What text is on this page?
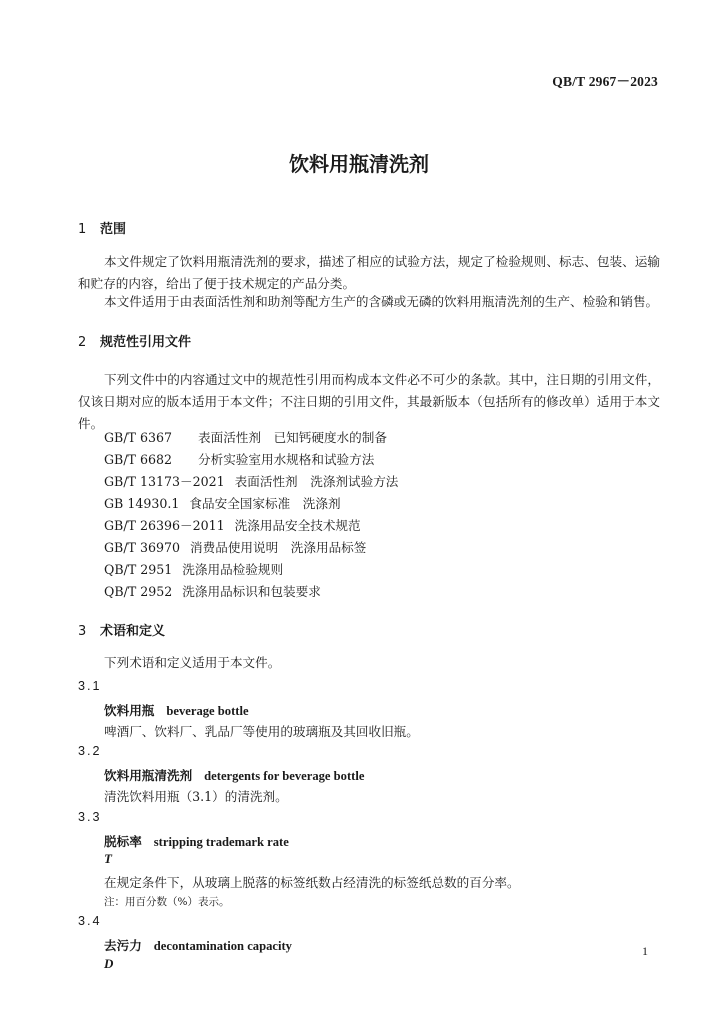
QB/T 2967－2023
饮料用瓶清洗剂
1 范围
本文件规定了饮料用瓶清洗剂的要求，描述了相应的试验方法，规定了检验规则、标志、包装、运输和贮存的内容，给出了便于技术规定的产品分类。
本文件适用于由表面活性剂和助剂等配方生产的含磷或无磷的饮料用瓶清洗剂的生产、检验和销售。
2 规范性引用文件
下列文件中的内容通过文中的规范性引用而构成本文件必不可少的条款。其中，注日期的引用文件，仅该日期对应的版本适用于本文件；不注日期的引用文件，其最新版本（包括所有的修改单）适用于本文件。
GB/T 6367 表面活性剂　已知钙硬度水的制备
GB/T 6682 分析实验室用水规格和试验方法
GB/T 13173－2021 表面活性剂　洗涤剂试验方法
GB 14930.1 食品安全国家标准　洗涤剂
GB/T 26396－2011 洗涤用品安全技术规范
GB/T 36970 消费品使用说明　洗涤用品标签
QB/T 2951 洗涤用品检验规则
QB/T 2952 洗涤用品标识和包装要求
3 术语和定义
下列术语和定义适用于本文件。
3.1
饮料用瓶 beverage bottle
啤酒厂、饮料厂、乳品厂等使用的玻璃瓶及其回收旧瓶。
3.2
饮料用瓶清洗剂 detergents for beverage bottle
清洗饮料用瓶（3.1）的清洗剂。
3.3
脱标率 stripping trademark rate
T
在规定条件下，从玻璃上脱落的标签纸数占经清洗的标签纸总数的百分率。
注：用百分数（%）表示。
3.4
去污力 decontamination capacity
D
1
